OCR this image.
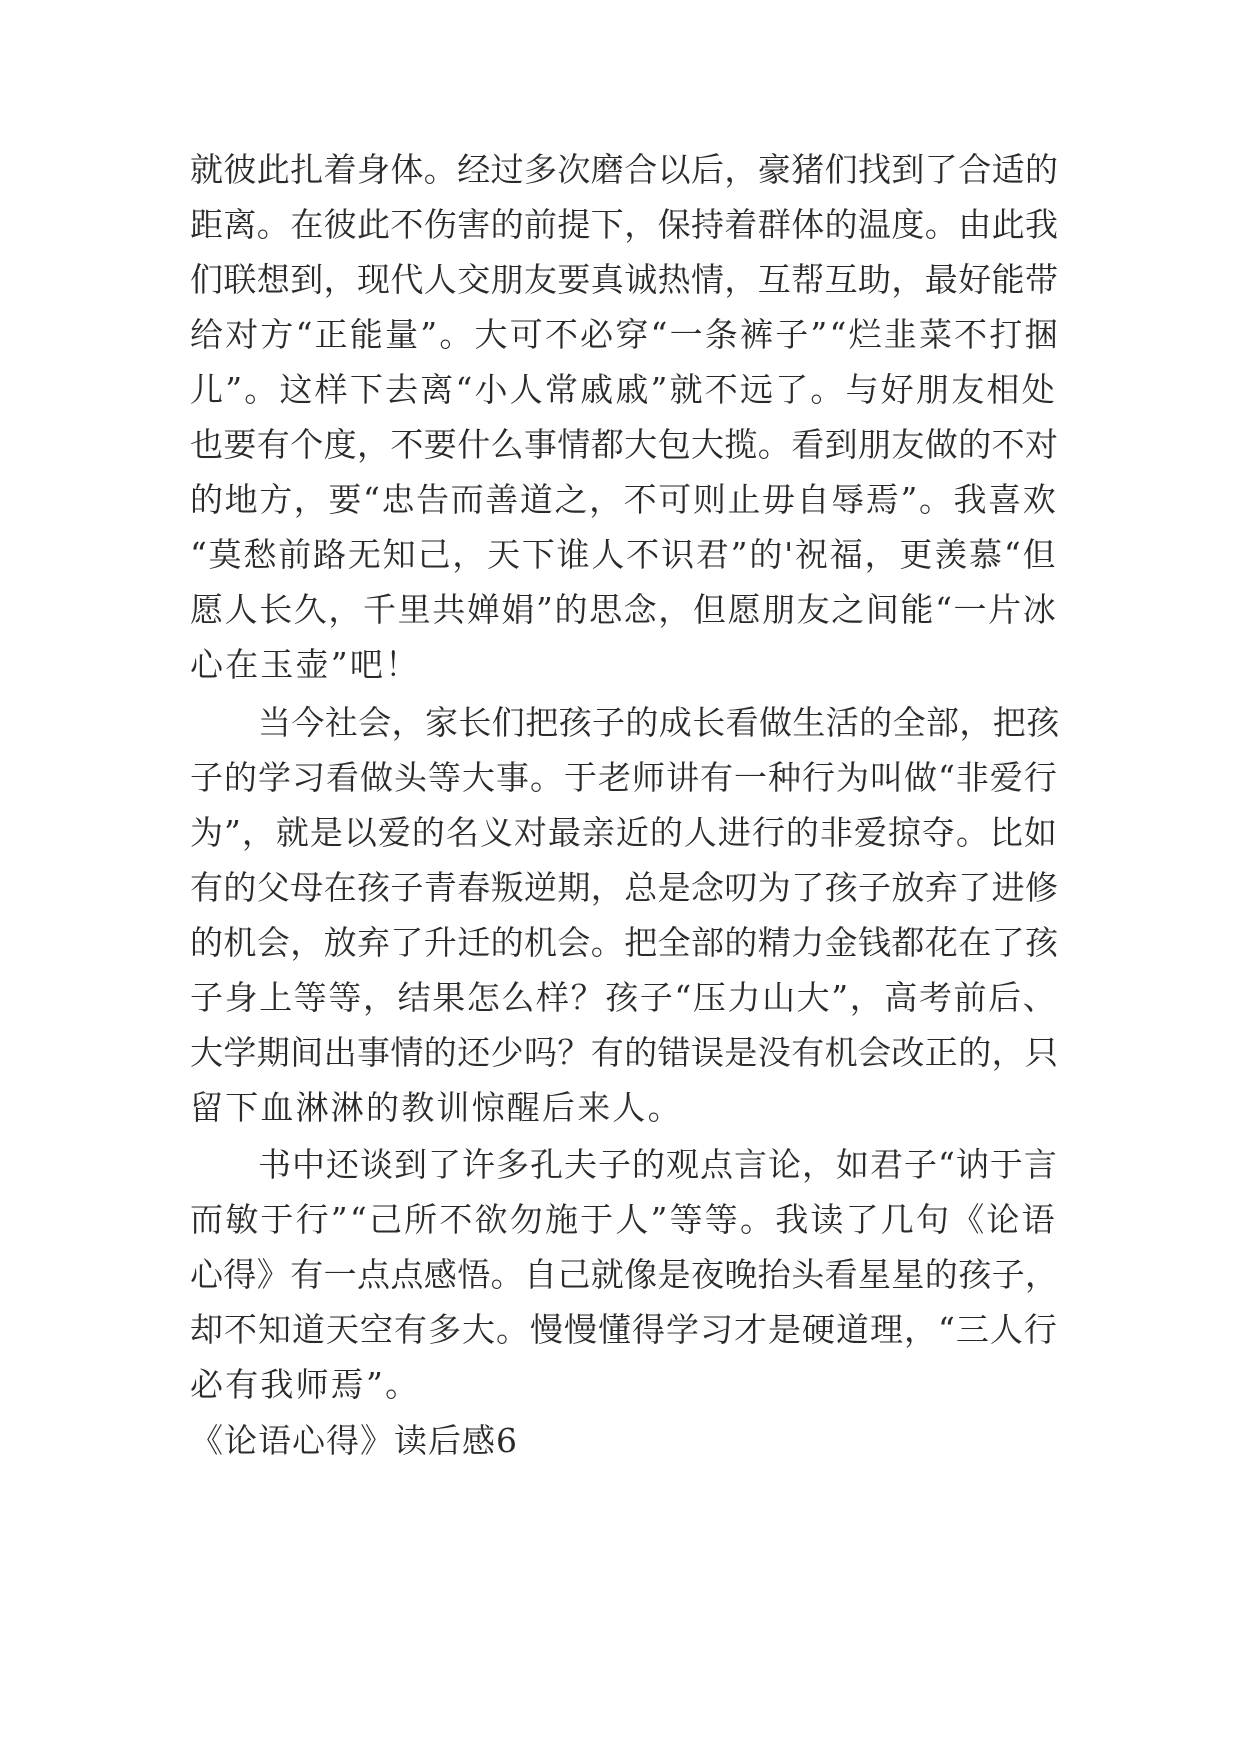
就彼此扎着身体。经过多次磨合以后，豪猪们找到了合适的
距离。在彼此不伤害的前提下，保持着群体的温度。由此我
们联想到，现代人交朋友要真诚热情，互帮互助，最好能带
给对方“正能量”。大可不必穿“一条裤子”“烂韭菜不打捆
儿”。这样下去离“小人常戚戚”就不远了。与好朋友相处
也要有个度，不要什么事情都大包大揽。看到朋友做的不对
的地方，要“忠告而善道之，不可则止毋自辱焉”。我喜欢
“莫愁前路无知己，天下谁人不识君”的'祝福，更羡慕“但
愿人长久，千里共婵娟”的思念，但愿朋友之间能“一片冰
心在玉壶”吧！
当今社会，家长们把孩子的成长看做生活的全部，把孩
子的学习看做头等大事。于老师讲有一种行为叫做“非爱行
为”，就是以爱的名义对最亲近的人进行的非爱掠夺。比如
有的父母在孩子青春叛逆期，总是念叨为了孩子放弃了进修
的机会，放弃了升迁的机会。把全部的精力金钱都花在了孩
子身上等等，结果怎么样？孩子“压力山大”，高考前后、
大学期间出事情的还少吗？有的错误是没有机会改正的，只
留下血淋淋的教训惊醒后来人。
书中还谈到了许多孔夫子的观点言论，如君子“讷于言
而敏于行”“己所不欲勿施于人”等等。我读了几句《论语
心得》有一点点感悟。自己就像是夜晚抬头看星星的孩子，
却不知道天空有多大。慢慢懂得学习才是硬道理，“三人行
必有我师焉”。
《论语心得》读后感6
